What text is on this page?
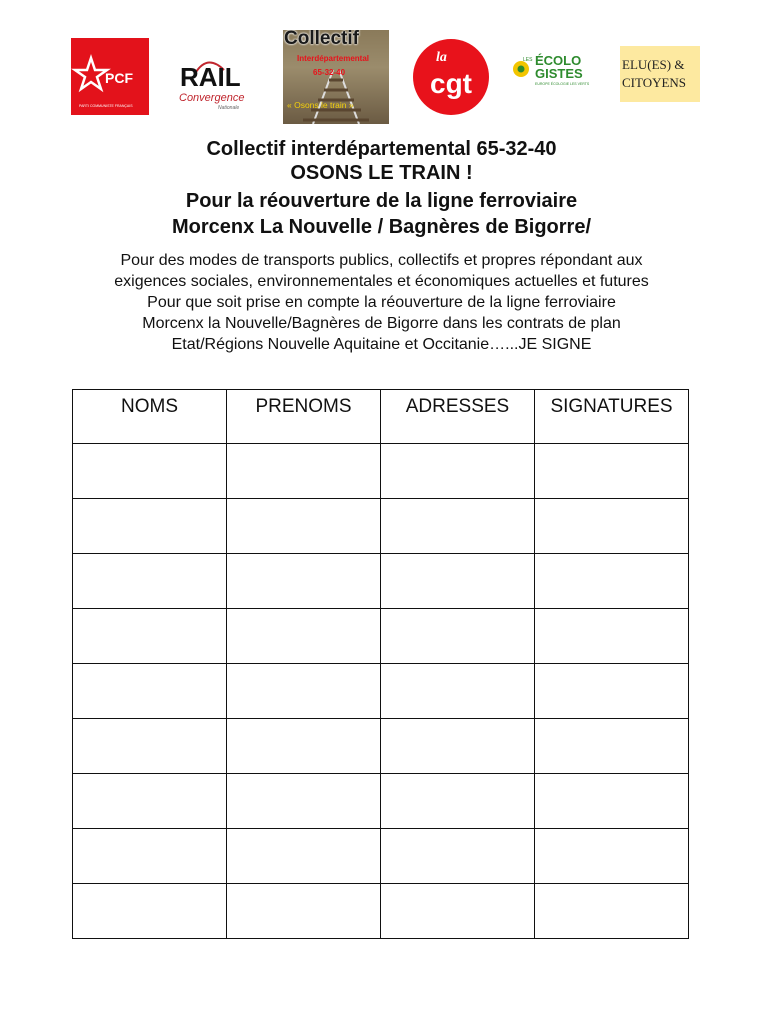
PCF
PARTI COMMUNISTE FRANÇAIS
RAIL
Convergence
Nationale
Collectif
Interdépartemental
65-32-40
« Osons le train »
la
cgt
LES ÉCOLO
GISTES
EUROPE ÉCOLOGIE LES VERTS
ELU(ES) &
CITOYENS
Collectif interdépartemental 65-32-40
OSONS LE TRAIN !
Pour la réouverture de la ligne ferroviaire
Morcenx La Nouvelle / Bagnères de Bigorre/
Pour des modes de transports publics, collectifs et propres répondant aux
exigences sociales, environnementales et économiques actuelles et futures
Pour que soit prise en compte la réouverture de la ligne ferroviaire
Morcenx la Nouvelle/Bagnères de Bigorre dans les contrats de plan
Etat/Régions Nouvelle Aquitaine et Occitanie…...JE SIGNE
NOMS	PRENOMS	ADRESSES	SIGNATURES
